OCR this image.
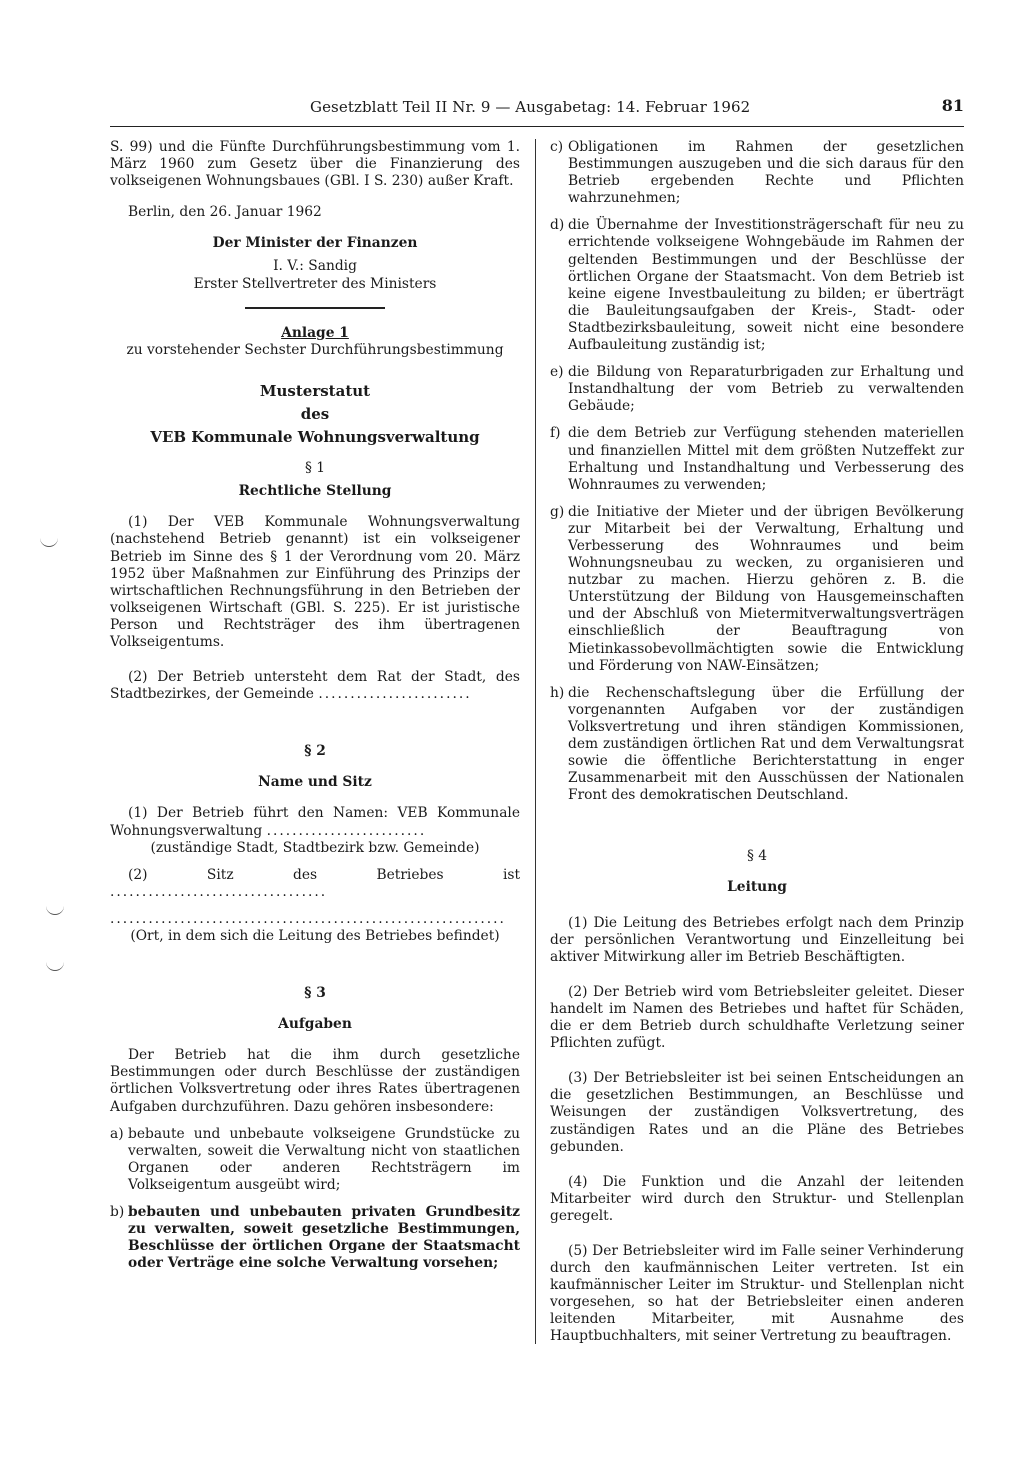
Gesetzblatt Teil II Nr. 9 — Ausgabetag: 14. Februar 1962	81

S. 99) und die Fünfte Durchführungsbestimmung vom 1. März 1960 zum Gesetz über die Finanzierung des volkseigenen Wohnungsbaues (GBl. I S. 230) außer Kraft.

Berlin, den 26. Januar 1962

Der Minister der Finanzen

I. V.: Sandig

Erster Stellvertreter des Ministers

Anlage 1

zu vorstehender Sechster Durchführungsbestimmung

Musterstatut

des

VEB Kommunale Wohnungsverwaltung

§ 1

Rechtliche Stellung

(1) Der VEB Kommunale Wohnungsverwaltung (nachstehend Betrieb genannt) ist ein volkseigener Betrieb im Sinne des § 1 der Verordnung vom 20. März 1952 über Maßnahmen zur Einführung des Prinzips der wirtschaftlichen Rechnungsführung in den Betrieben der volkseigenen Wirtschaft (GBl. S. 225). Er ist juristische Person und Rechtsträger des ihm übertragenen Volkseigentums.

(2) Der Betrieb untersteht dem Rat der Stadt, des Stadtbezirkes, der Gemeinde ........................

§ 2

Name und Sitz

(1) Der Betrieb führt den Namen: VEB Kommunale Wohnungsverwaltung .........................

(zuständige Stadt, Stadtbezirk bzw. Gemeinde)

(2) Sitz des Betriebes ist ..................................

..............................................................

(Ort, in dem sich die Leitung des Betriebes befindet)

§ 3

Aufgaben

Der Betrieb hat die ihm durch gesetzliche Bestimmungen oder durch Beschlüsse der zuständigen örtlichen Volksvertretung oder ihres Rates übertragenen Aufgaben durchzuführen. Dazu gehören insbesondere:

a) bebaute und unbebaute volkseigene Grundstücke zu verwalten, soweit die Verwaltung nicht von staatlichen Organen oder anderen Rechtsträgern im Volkseigentum ausgeübt wird;
b) bebauten und unbebauten privaten Grundbesitz zu verwalten, soweit gesetzliche Bestimmungen, Beschlüsse der örtlichen Organe der Staatsmacht oder Verträge eine solche Verwaltung vorsehen;
c) Obligationen im Rahmen der gesetzlichen Bestimmungen auszugeben und die sich daraus für den Betrieb ergebenden Rechte und Pflichten wahrzunehmen;
d) die Übernahme der Investitionsträgerschaft für neu zu errichtende volkseigene Wohngebäude im Rahmen der geltenden Bestimmungen und der Beschlüsse der örtlichen Organe der Staatsmacht. Von dem Betrieb ist keine eigene Investbauleitung zu bilden; er überträgt die Bauleitungsaufgaben der Kreis-, Stadt- oder Stadtbezirksbauleitung, soweit nicht eine besondere Aufbauleitung zuständig ist;
e) die Bildung von Reparaturbrigaden zur Erhaltung und Instandhaltung der vom Betrieb zu verwaltenden Gebäude;
f) die dem Betrieb zur Verfügung stehenden materiellen und finanziellen Mittel mit dem größten Nutzeffekt zur Erhaltung und Instandhaltung und Verbesserung des Wohnraumes zu verwenden;
g) die Initiative der Mieter und der übrigen Bevölkerung zur Mitarbeit bei der Verwaltung, Erhaltung und Verbesserung des Wohnraumes und beim Wohnungsneubau zu wecken, zu organisieren und nutzbar zu machen. Hierzu gehören z. B. die Unterstützung der Bildung von Hausgemeinschaften und der Abschluß von Mietermitverwaltungsverträgen einschließlich der Beauftragung von Mietinkassobevollmächtigten sowie die Entwicklung und Förderung von NAW-Einsätzen;
h) die Rechenschaftslegung über die Erfüllung der vorgenannten Aufgaben vor der zuständigen Volksvertretung und ihren ständigen Kommissionen, dem zuständigen örtlichen Rat und dem Verwaltungsrat sowie die öffentliche Berichterstattung in enger Zusammenarbeit mit den Ausschüssen der Nationalen Front des demokratischen Deutschland.

§ 4

Leitung

(1) Die Leitung des Betriebes erfolgt nach dem Prinzip der persönlichen Verantwortung und Einzelleitung bei aktiver Mitwirkung aller im Betrieb Beschäftigten.

(2) Der Betrieb wird vom Betriebsleiter geleitet. Dieser handelt im Namen des Betriebes und haftet für Schäden, die er dem Betrieb durch schuldhafte Verletzung seiner Pflichten zufügt.

(3) Der Betriebsleiter ist bei seinen Entscheidungen an die gesetzlichen Bestimmungen, an Beschlüsse und Weisungen der zuständigen Volksvertretung, des zuständigen Rates und an die Pläne des Betriebes gebunden.

(4) Die Funktion und die Anzahl der leitenden Mitarbeiter wird durch den Struktur- und Stellenplan geregelt.

(5) Der Betriebsleiter wird im Falle seiner Verhinderung durch den kaufmännischen Leiter vertreten. Ist ein kaufmännischer Leiter im Struktur- und Stellenplan nicht vorgesehen, so hat der Betriebsleiter einen anderen leitenden Mitarbeiter, mit Ausnahme des Hauptbuchhalters, mit seiner Vertretung zu beauftragen.
